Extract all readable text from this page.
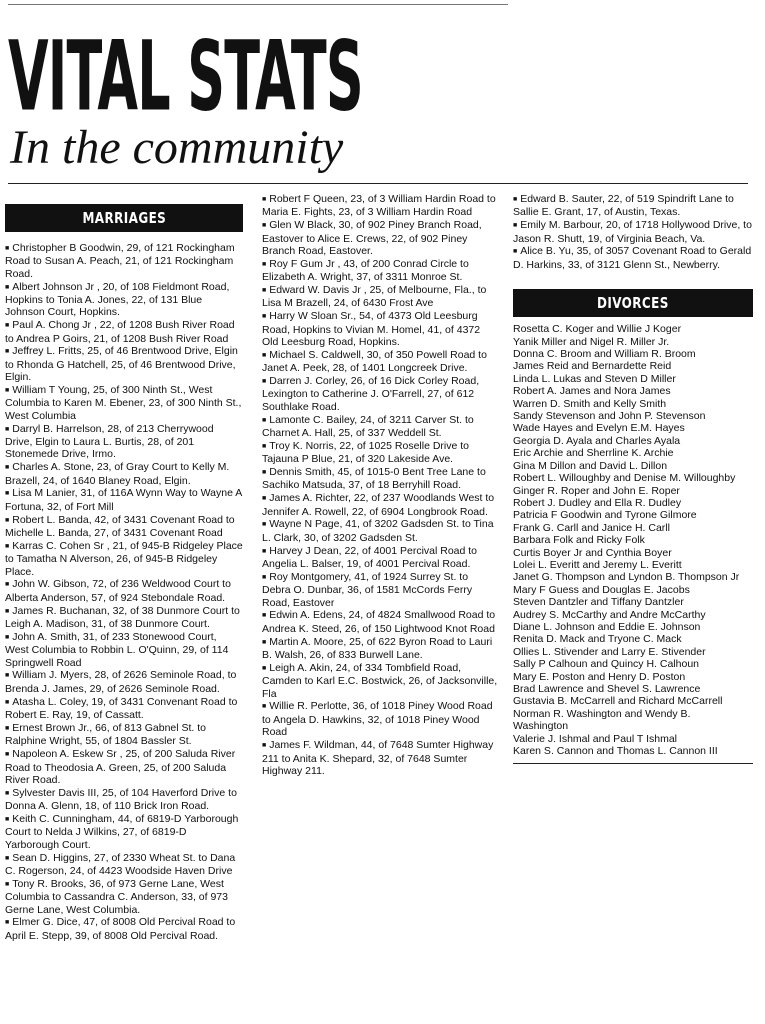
VITAL STATS
In the community
MARRIAGES

■ Christopher B Goodwin, 29, of 121 Rockingham Road to Susan A. Peach, 21, of 121 Rockingham Road.

■ Albert Johnson Jr , 20, of 108 Fieldmont Road, Hopkins to Tonia A. Jones, 22, of 131 Blue Johnson Court, Hopkins.

■ Paul A. Chong Jr , 22, of 1208 Bush River Road to Andrea P Goirs, 21, of 1208 Bush River Road

■ Jeffrey L. Fritts, 25, of 46 Brentwood Drive, Elgin to Rhonda G Hatchell, 25, of 46 Brentwood Drive, Elgin.

■ William T Young, 25, of 300 Ninth St., West Columbia to Karen M. Ebener, 23, of 300 Ninth St., West Columbia

■ Darryl B. Harrelson, 28, of 213 Cherrywood Drive, Elgin to Laura L. Burtis, 28, of 201 Stonemede Drive, Irmo.

■ Charles A. Stone, 23, of Gray Court to Kelly M. Brazell, 24, of 1640 Blaney Road, Elgin.

■ Lisa M Lanier, 31, of 116A Wynn Way to Wayne A Fortuna, 32, of Fort Mill

■ Robert L. Banda, 42, of 3431 Covenant Road to Michelle L. Banda, 27, of 3431 Covenant Road

■ Karras C. Cohen Sr , 21, of 945-B Ridgeley Place to Tamatha N Alverson, 26, of 945-B Ridgeley Place.

■ John W. Gibson, 72, of 236 Weldwood Court to Alberta Anderson, 57, of 924 Stebondale Road.

■ James R. Buchanan, 32, of 38 Dunmore Court to Leigh A. Madison, 31, of 38 Dunmore Court.

■ John A. Smith, 31, of 233 Stonewood Court, West Columbia to Robbin L. O'Quinn, 29, of 114 Springwell Road

■ William J. Myers, 28, of 2626 Seminole Road, to Brenda J. James, 29, of 2626 Seminole Road.

■ Atasha L. Coley, 19, of 3431 Convenant Road to Robert E. Ray, 19, of Cassatt.

■ Ernest Brown Jr., 66, of 813 Gabnel St. to Ralphine Wright, 55, of 1804 Bassler St.

■ Napoleon A. Eskew Sr , 25, of 200 Saluda River Road to Theodosia A. Green, 25, of 200 Saluda River Road.

■ Sylvester Davis III, 25, of 104 Haverford Drive to Donna A. Glenn, 18, of 110 Brick Iron Road.

■ Keith C. Cunningham, 44, of 6819-D Yarborough Court to Nelda J Wilkins, 27, of 6819-D Yarborough Court.

■ Sean D. Higgins, 27, of 2330 Wheat St. to Dana C. Rogerson, 24, of 4423 Woodside Haven Drive

■ Tony R. Brooks, 36, of 973 Gerne Lane, West Columbia to Cassandra C. Anderson, 33, of 973 Gerne Lane, West Columbia.

■ Elmer G. Dice, 47, of 8008 Old Percival Road to April E. Stepp, 39, of 8008 Old Percival Road.

■ Robert F Queen, 23, of 3 William Hardin Road to Maria E. Fights, 23, of 3 William Hardin Road

■ Glen W Black, 30, of 902 Piney Branch Road, Eastover to Alice E. Crews, 22, of 902 Piney Branch Road, Eastover.

■ Roy F Gum Jr , 43, of 200 Conrad Circle to Elizabeth A. Wright, 37, of 3311 Monroe St.

■ Edward W. Davis Jr , 25, of Melbourne, Fla., to Lisa M Brazell, 24, of 6430 Frost Ave

■ Harry W Sloan Sr., 54, of 4373 Old Leesburg Road, Hopkins to Vivian M. Homel, 41, of 4372 Old Leesburg Road, Hopkins.

■ Michael S. Caldwell, 30, of 350 Powell Road to Janet A. Peek, 28, of 1401 Longcreek Drive.

■ Darren J. Corley, 26, of 16 Dick Corley Road, Lexington to Catherine J. O'Farrell, 27, of 612 Southlake Road.

■ Lamonte C. Bailey, 24, of 3211 Carver St. to Charnet A. Hall, 25, of 337 Weddell St.

■ Troy K. Norris, 22, of 1025 Roselle Drive to Tajauna P Blue, 21, of 320 Lakeside Ave.

■ Dennis Smith, 45, of 1015-0 Bent Tree Lane to Sachiko Matsuda, 37, of 18 Berryhill Road.

■ James A. Richter, 22, of 237 Woodlands West to Jennifer A. Rowell, 22, of 6904 Longbrook Road.

■ Wayne N Page, 41, of 3202 Gadsden St. to Tina L. Clark, 30, of 3202 Gadsden St.

■ Harvey J Dean, 22, of 4001 Percival Road to Angelia L. Balser, 19, of 4001 Percival Road.

■ Roy Montgomery, 41, of 1924 Surrey St. to Debra O. Dunbar, 36, of 1581 McCords Ferry Road, Eastover

■ Edwin A. Edens, 24, of 4824 Smallwood Road to Andrea K. Steed, 26, of 150 Lightwood Knot Road

■ Martin A. Moore, 25, of 622 Byron Road to Lauri B. Walsh, 26, of 833 Burwell Lane.

■ Leigh A. Akin, 24, of 334 Tombfield Road, Camden to Karl E.C. Bostwick, 26, of Jacksonville, Fla

■ Willie R. Perlotte, 36, of 1018 Piney Wood Road to Angela D. Hawkins, 32, of 1018 Piney Wood Road

■ James F. Wildman, 44, of 7648 Sumter Highway 211 to Anita K. Shepard, 32, of 7648 Sumter Highway 211.

■ Edward B. Sauter, 22, of 519 Spindrift Lane to Sallie E. Grant, 17, of Austin, Texas.

■ Emily M. Barbour, 20, of 1718 Hollywood Drive, to Jason R. Shutt, 19, of Virginia Beach, Va.

■ Alice B. Yu, 35, of 3057 Covenant Road to Gerald D. Harkins, 33, of 3121 Glenn St., Newberry.

DIVORCES

Rosetta C. Koger and Willie J Koger

Yanik Miller and Nigel R. Miller Jr.

Donna C. Broom and William R. Broom

James Reid and Bernardette Reid

Linda L. Lukas and Steven D Miller

Robert A. James and Nora James

Warren D. Smith and Kelly Smith

Sandy Stevenson and John P. Stevenson

Wade Hayes and Evelyn E.M. Hayes

Georgia D. Ayala and Charles Ayala

Eric Archie and Sherrline K. Archie

Gina M Dillon and David L. Dillon

Robert L. Willoughby and Denise M. Willoughby

Ginger R. Roper and John E. Roper

Robert J. Dudley and Ella R. Dudley

Patricia F Goodwin and Tyrone Gilmore

Frank G. Carll and Janice H. Carll

Barbara Folk and Ricky Folk

Curtis Boyer Jr and Cynthia Boyer

Lolei L. Everitt and Jeremy L. Everitt

Janet G. Thompson and Lyndon B. Thompson Jr

Mary F Guess and Douglas E. Jacobs

Steven Dantzler and Tiffany Dantzler

Audrey S. McCarthy and Andre McCarthy

Diane L. Johnson and Eddie E. Johnson

Renita D. Mack and Tryone C. Mack

Ollies L. Stivender and Larry E. Stivender

Sally P Calhoun and Quincy H. Calhoun

Mary E. Poston and Henry D. Poston

Brad Lawrence and Shevel S. Lawrence

Gustavia B. McCarrell and Richard McCarrell

Norman R. Washington and Wendy B.

Washington

Valerie J. Ishmal and Paul T Ishmal

Karen S. Cannon and Thomas L. Cannon III
